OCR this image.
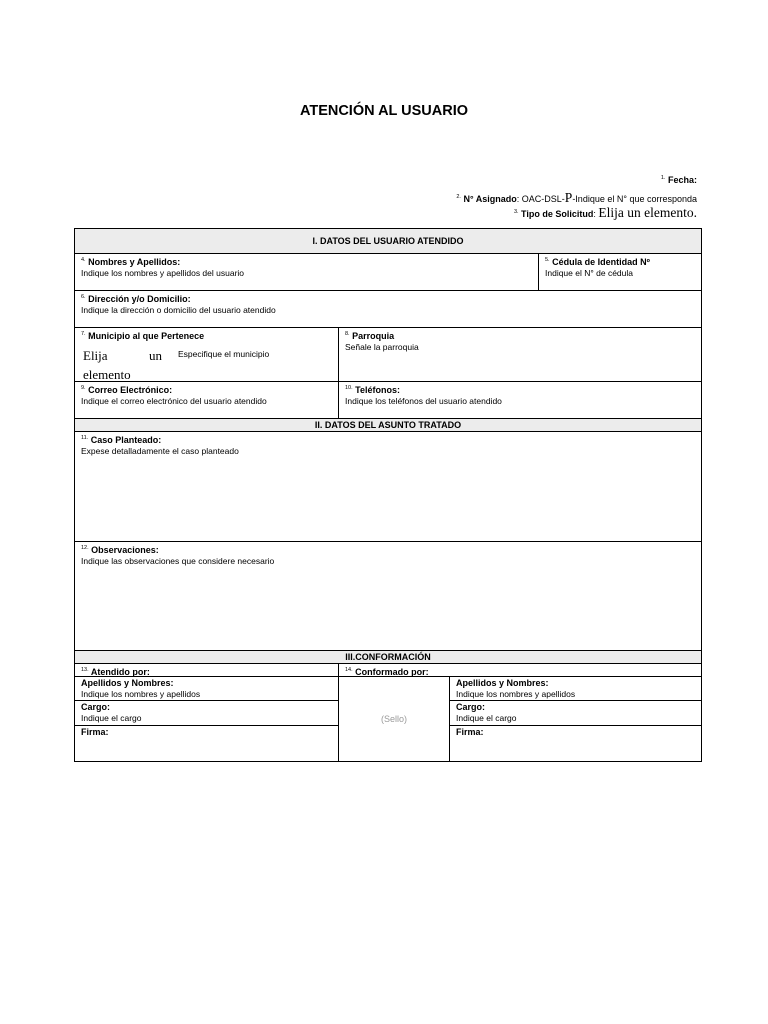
ATENCIÓN AL USUARIO
$^{1.}$ Fecha:
$^{2.}$ N° Asignado: OAC-DSL-P-Indique el N° que corresponda
$^{3.}$ Tipo de Solicitud: Elija un elemento.
I. DATOS DEL USUARIO ATENDIDO
$^{4.}$ Nombres y Apellidos:
Indique los nombres y apellidos del usuario
$^{5.}$ Cédula de Identidad Nº
Indique el N° de cédula
$^{6.}$ Dirección y/o Domicilio:
Indique la dirección o domicilio del usuario atendido
$^{7.}$ Municipio al que Pertenece
Elija	un Especifique el municipio
elemento
$^{8.}$ Parroquia
Señale la parroquia
$^{9.}$ Correo Electrónico:
Indique el correo electrónico del usuario atendido
$^{10.}$ Teléfonos:
Indique los teléfonos del usuario atendido
II. DATOS DEL ASUNTO TRATADO
$^{11.}$ Caso Planteado:
Expese detalladamente el caso planteado
$^{12.}$ Observaciones:
Indique las observaciones que considere necesario
III.CONFORMACIÓN
$^{13.}$ Atendido por:	$^{14.}$ Conformado por:
Apellidos y Nombres:
Indique los nombres y apellidos
Cargo:
Indique el cargo
Firma:
(Sello)
Apellidos y Nombres:
Indique los nombres y apellidos
Cargo:
Indique el cargo
Firma:
